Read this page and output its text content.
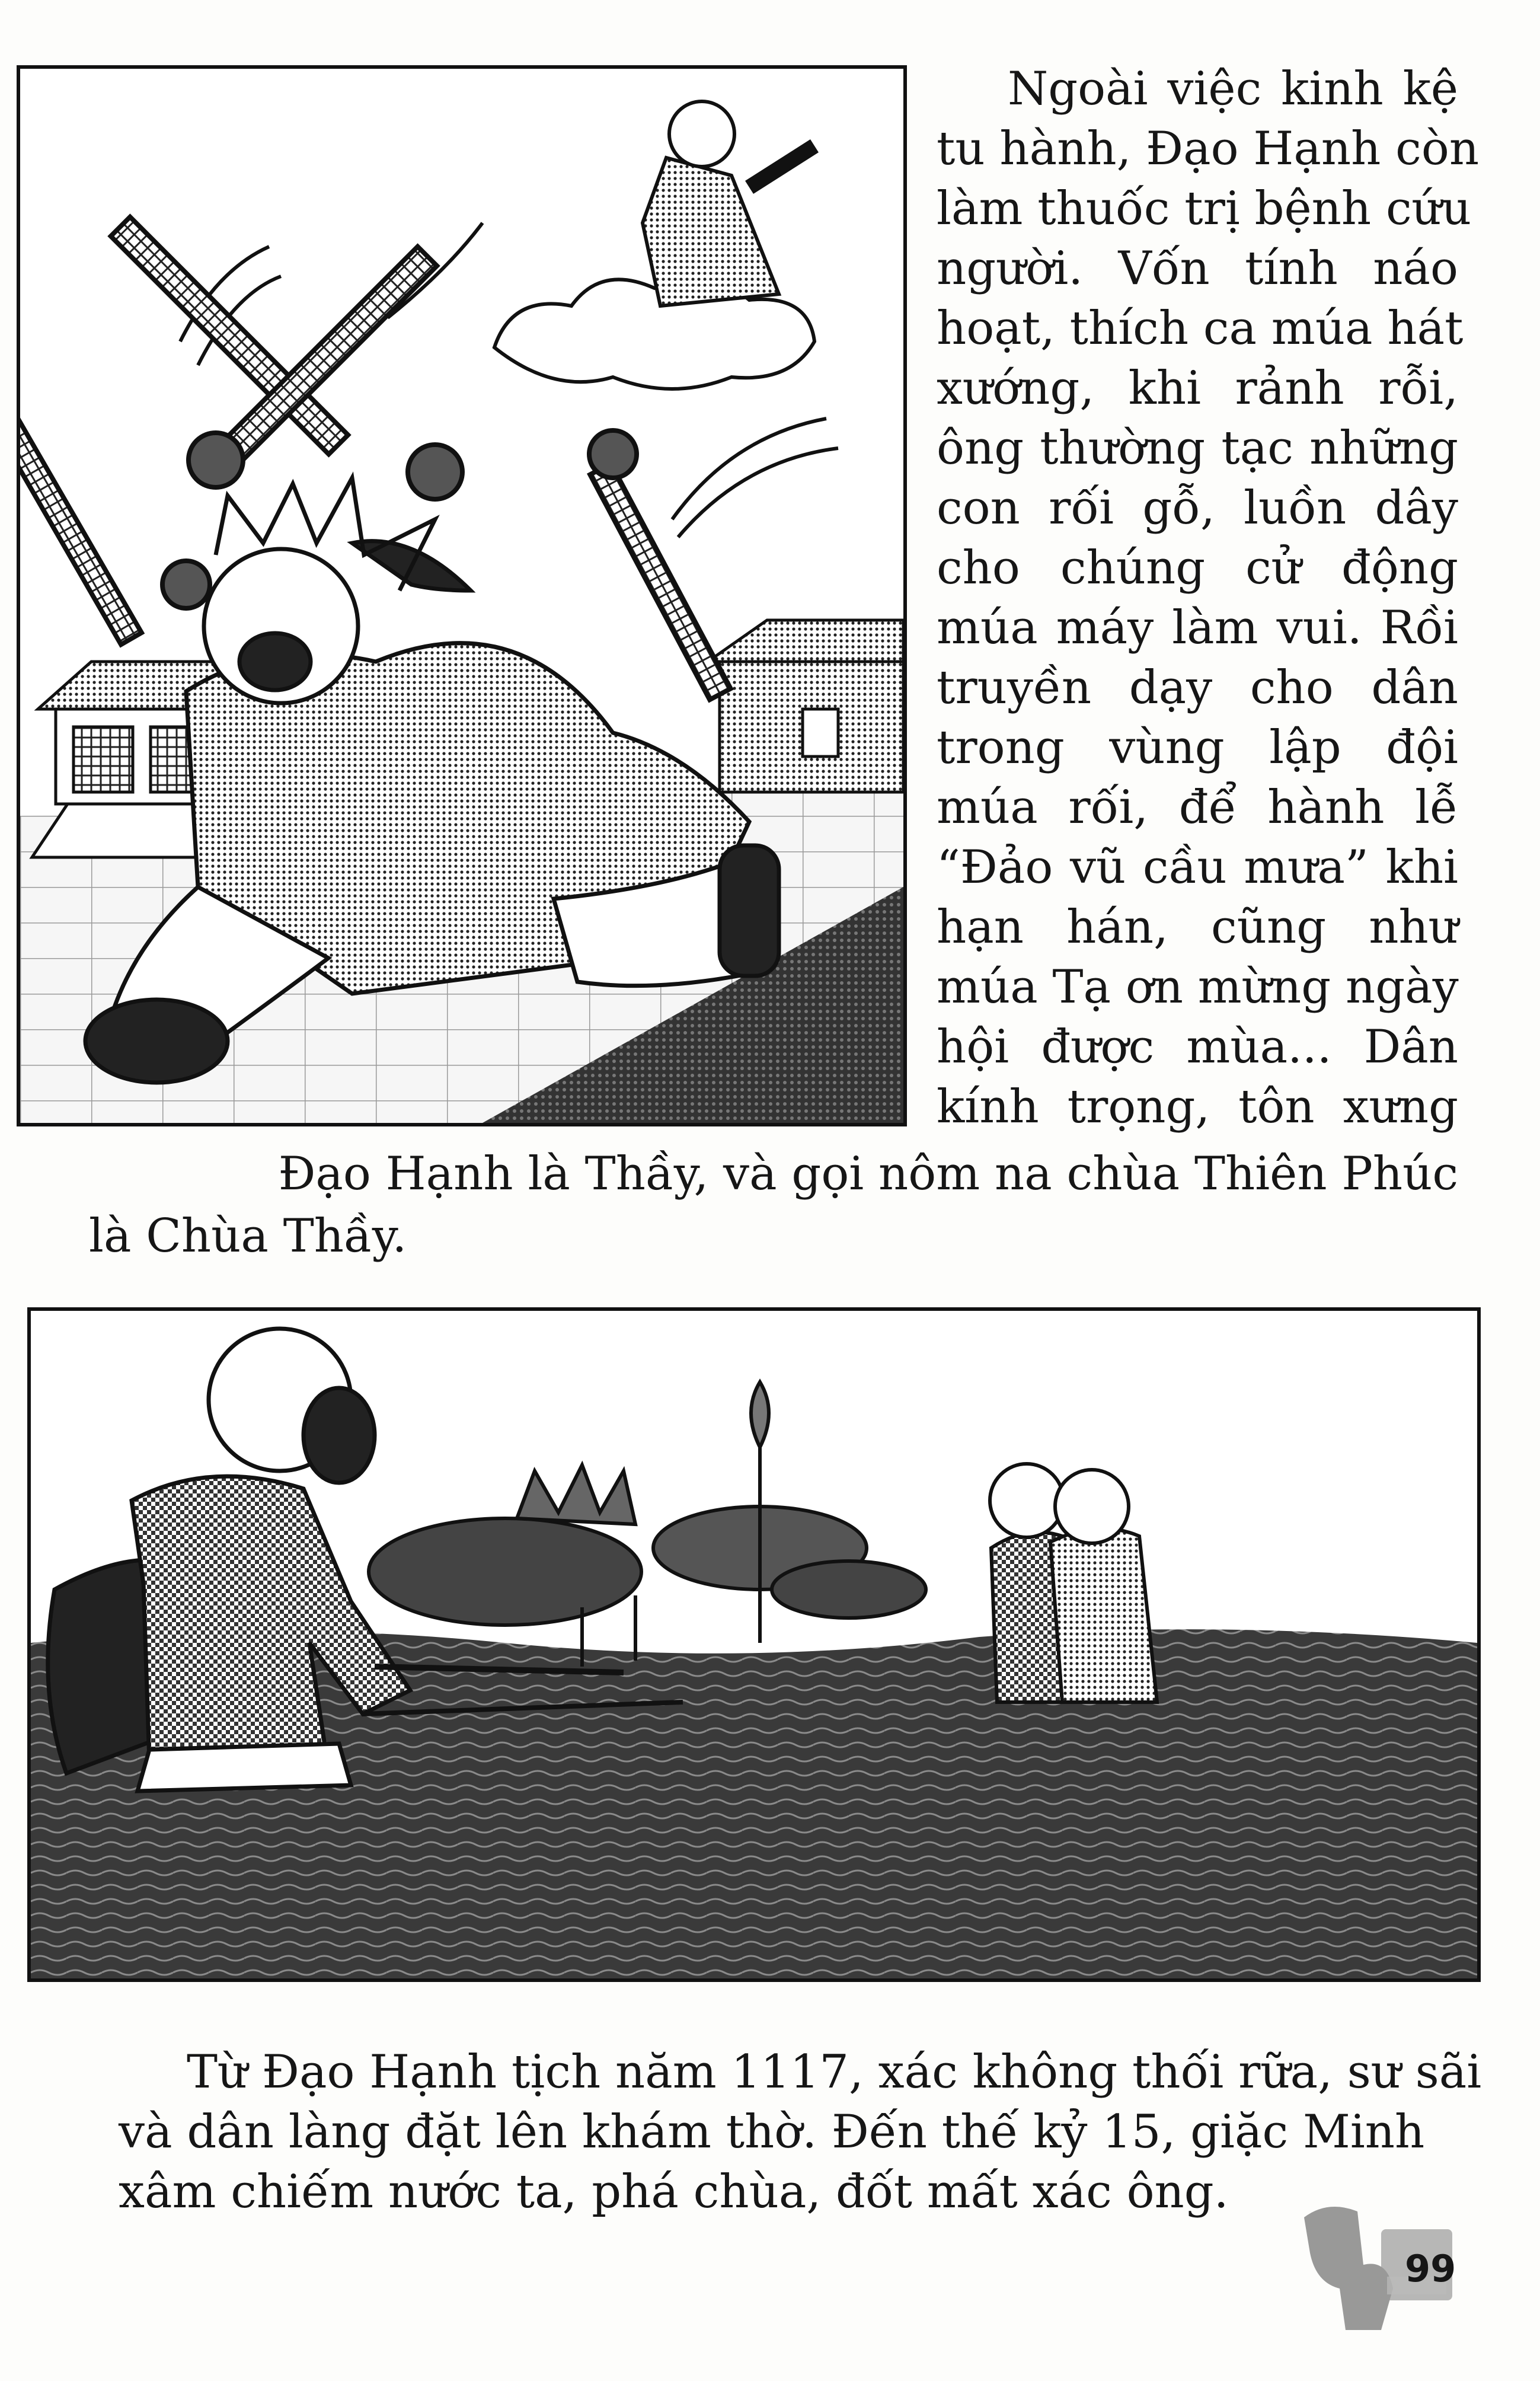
Ngoài việc kinh kệ
tu hành, Đạo Hạnh còn
làm thuốc trị bệnh cứu
người. Vốn tính náo
hoạt, thích ca múa hát
xướng, khi rảnh rỗi,
ông thường tạc những
con rối gỗ, luồn dây
cho chúng cử động
múa máy làm vui. Rồi
truyền dạy cho dân
trong vùng lập đội
múa rối, để hành lễ
“Đảo vũ cầu mưa” khi
hạn hán, cũng như
múa Tạ ơn mừng ngày
hội được mùa... Dân
kính trọng, tôn xưng
Đạo Hạnh là Thầy, và gọi nôm na chùa Thiên Phúc
là Chùa Thầy.
Từ Đạo Hạnh tịch năm 1117, xác không thối rữa, sư sãi
và dân làng đặt lên khám thờ. Đến thế kỷ 15, giặc Minh
xâm chiếm nước ta, phá chùa, đốt mất xác ông.
99
